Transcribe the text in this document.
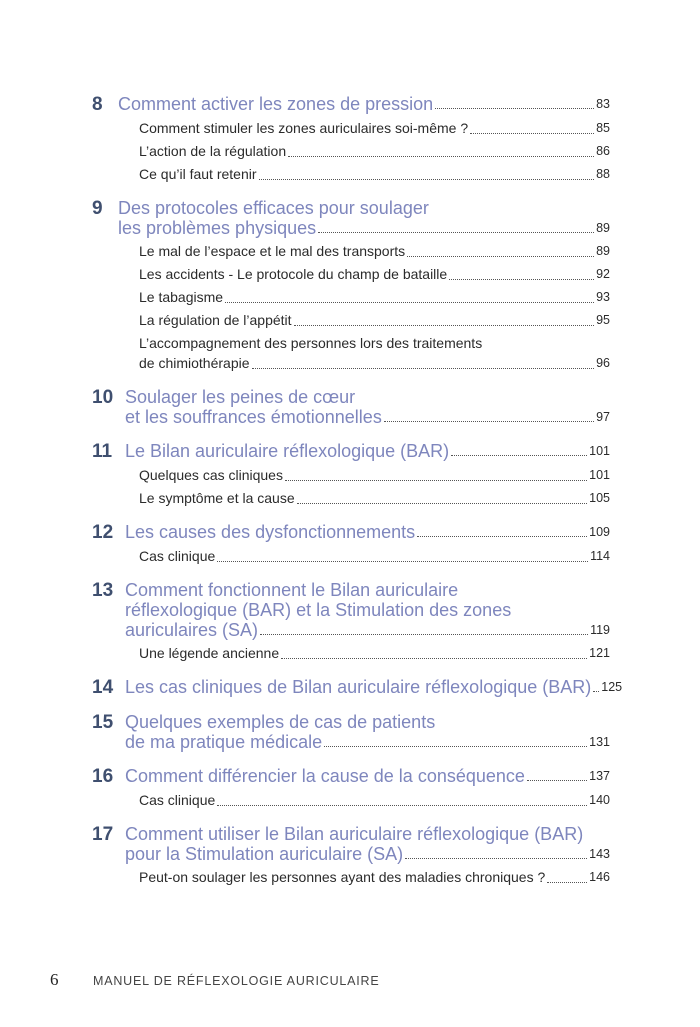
8 Comment activer les zones de pression	83
Comment stimuler les zones auriculaires soi-même ?	85
L’action de la régulation	86
Ce qu’il faut retenir	88
9 Des protocoles efficaces pour soulager
les problèmes physiques	89
Le mal de l’espace et le mal des transports	89
Les accidents - Le protocole du champ de bataille	92
Le tabagisme	93
La régulation de l’appétit	95
L’accompagnement des personnes lors des traitements
de chimiothérapie	96
10 Soulager les peines de cœur
et les souffrances émotionnelles	97
11 Le Bilan auriculaire réflexologique (BAR)	101
Quelques cas cliniques	101
Le symptôme et la cause	105
12 Les causes des dysfonctionnements	109
Cas clinique	114
13 Comment fonctionnent le Bilan auriculaire
réflexologique (BAR) et la Stimulation des zones
auriculaires (SA)	119
Une légende ancienne	121
14 Les cas cliniques de Bilan auriculaire réflexologique (BAR) 125
15 Quelques exemples de cas de patients
de ma pratique médicale	131
16 Comment différencier la cause de la conséquence	137
Cas clinique	140
17 Comment utiliser le Bilan auriculaire réflexologique (BAR)
pour la Stimulation auriculaire (SA)	143
Peut-on soulager les personnes ayant des maladies chroniques ?	146
6	MANUEL DE RÉFLEXOLOGIE AURICULAIRE
